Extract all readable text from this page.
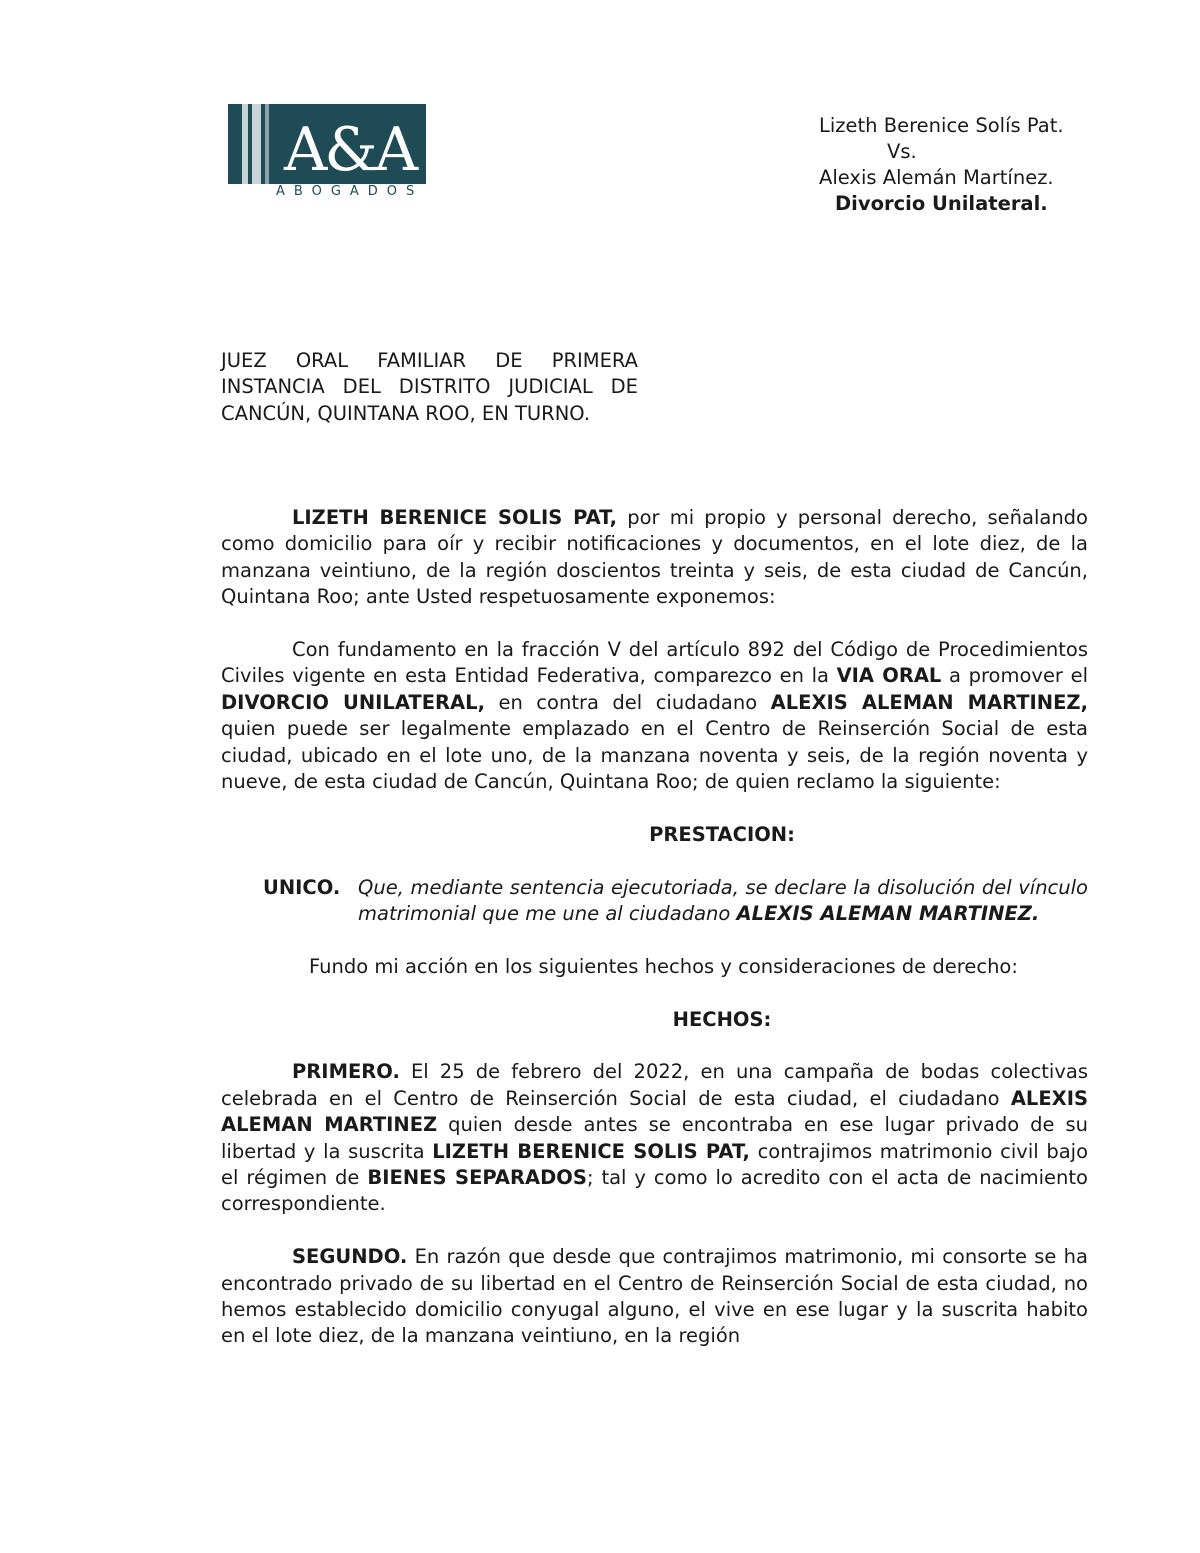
A&A
ABOGADOS
Lizeth Berenice Solís Pat.
Vs.
Alexis Alemán Martínez.
Divorcio Unilateral.
JUEZ ORAL FAMILIAR DE PRIMERA INSTANCIA DEL DISTRITO JUDICIAL DE CANCÚN, QUINTANA ROO, EN TURNO.

LIZETH BERENICE SOLIS PAT, por mi propio y personal derecho, señalando como domicilio para oír y recibir notificaciones y documentos, en el lote diez, de la manzana veintiuno, de la región doscientos treinta y seis, de esta ciudad de Cancún, Quintana Roo; ante Usted respetuosamente exponemos:

Con fundamento en la fracción V del artículo 892 del Código de Procedimientos Civiles vigente en esta Entidad Federativa, comparezco en la VIA ORAL a promover el DIVORCIO UNILATERAL, en contra del ciudadano ALEXIS ALEMAN MARTINEZ, quien puede ser legalmente emplazado en el Centro de Reinserción Social de esta ciudad, ubicado en el lote uno, de la manzana noventa y seis, de la región noventa y nueve, de esta ciudad de Cancún, Quintana Roo; de quien reclamo la siguiente:

PRESTACION:
UNICO. Que, mediante sentencia ejecutoriada, se declare la disolución del vínculo matrimonial que me une al ciudadano ALEXIS ALEMAN MARTINEZ.
Fundo mi acción en los siguientes hechos y consideraciones de derecho:
HECHOS:

PRIMERO. El 25 de febrero del 2022, en una campaña de bodas colectivas celebrada en el Centro de Reinserción Social de esta ciudad, el ciudadano ALEXIS ALEMAN MARTINEZ quien desde antes se encontraba en ese lugar privado de su libertad y la suscrita LIZETH BERENICE SOLIS PAT, contrajimos matrimonio civil bajo el régimen de BIENES SEPARADOS; tal y como lo acredito con el acta de nacimiento correspondiente.

SEGUNDO. En razón que desde que contrajimos matrimonio, mi consorte se ha encontrado privado de su libertad en el Centro de Reinserción Social de esta ciudad, no hemos establecido domicilio conyugal alguno, el vive en ese lugar y la suscrita habito en el lote diez, de la manzana veintiuno, en la región
